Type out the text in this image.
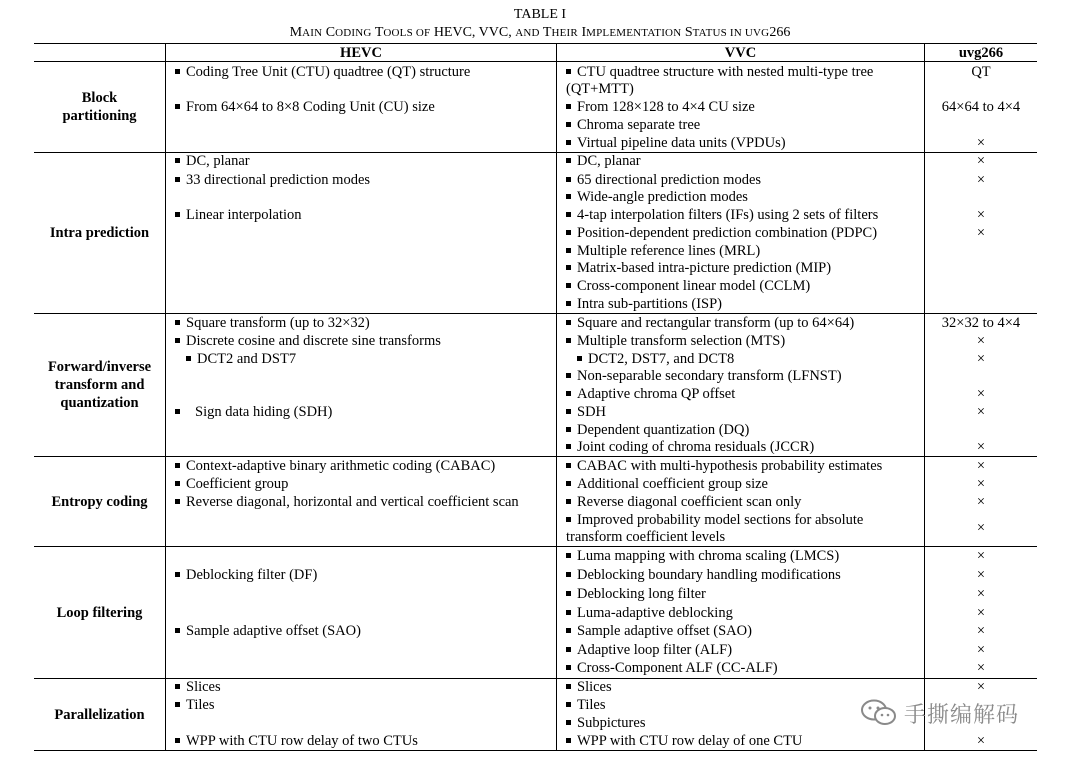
TABLE I
MAIN CODING TOOLS OF HEVC, VVC, AND THEIR IMPLEMENTATION STATUS IN UVG266
HEVC	VVC	uvg266
Block partitioning
Coding Tree Unit (CTU) quadtree (QT) structure
From 64×64 to 8×8 Coding Unit (CU) size
CTU quadtree structure with nested multi-type tree (QT+MTT)
From 128×128 to 4×4 CU size
Chroma separate tree
Virtual pipeline data units (VPDUs)
QT
64×64 to 4×4
×
Intra prediction
DC, planar
33 directional prediction modes
Linear interpolation
DC, planar
65 directional prediction modes
Wide-angle prediction modes
4-tap interpolation filters (IFs) using 2 sets of filters
Position-dependent prediction combination (PDPC)
Multiple reference lines (MRL)
Matrix-based intra-picture prediction (MIP)
Cross-component linear model (CCLM)
Intra sub-partitions (ISP)
×
×
×
×
Forward/inverse transform and quantization
Square transform (up to 32×32)
Discrete cosine and discrete sine transforms
DCT2 and DST7
Sign data hiding (SDH)
Square and rectangular transform (up to 64×64)
Multiple transform selection (MTS)
DCT2, DST7, and DCT8
Non-separable secondary transform (LFNST)
Adaptive chroma QP offset
SDH
Dependent quantization (DQ)
Joint coding of chroma residuals (JCCR)
32×32 to 4×4
×
×
×
×
×
Entropy coding
Context-adaptive binary arithmetic coding (CABAC)
Coefficient group
Reverse diagonal, horizontal and vertical coefficient scan
CABAC with multi-hypothesis probability estimates
Additional coefficient group size
Reverse diagonal coefficient scan only
Improved probability model sections for absolute transform coefficient levels
×
×
×
×
Loop filtering
Deblocking filter (DF)
Sample adaptive offset (SAO)
Luma mapping with chroma scaling (LMCS)
Deblocking boundary handling modifications
Deblocking long filter
Luma-adaptive deblocking
Sample adaptive offset (SAO)
Adaptive loop filter (ALF)
Cross-Component ALF (CC-ALF)
×
×
×
×
×
×
×
Parallelization
Slices
Tiles
WPP with CTU row delay of two CTUs
Slices
Tiles
Subpictures
WPP with CTU row delay of one CTU
×
×
手撕编解码
